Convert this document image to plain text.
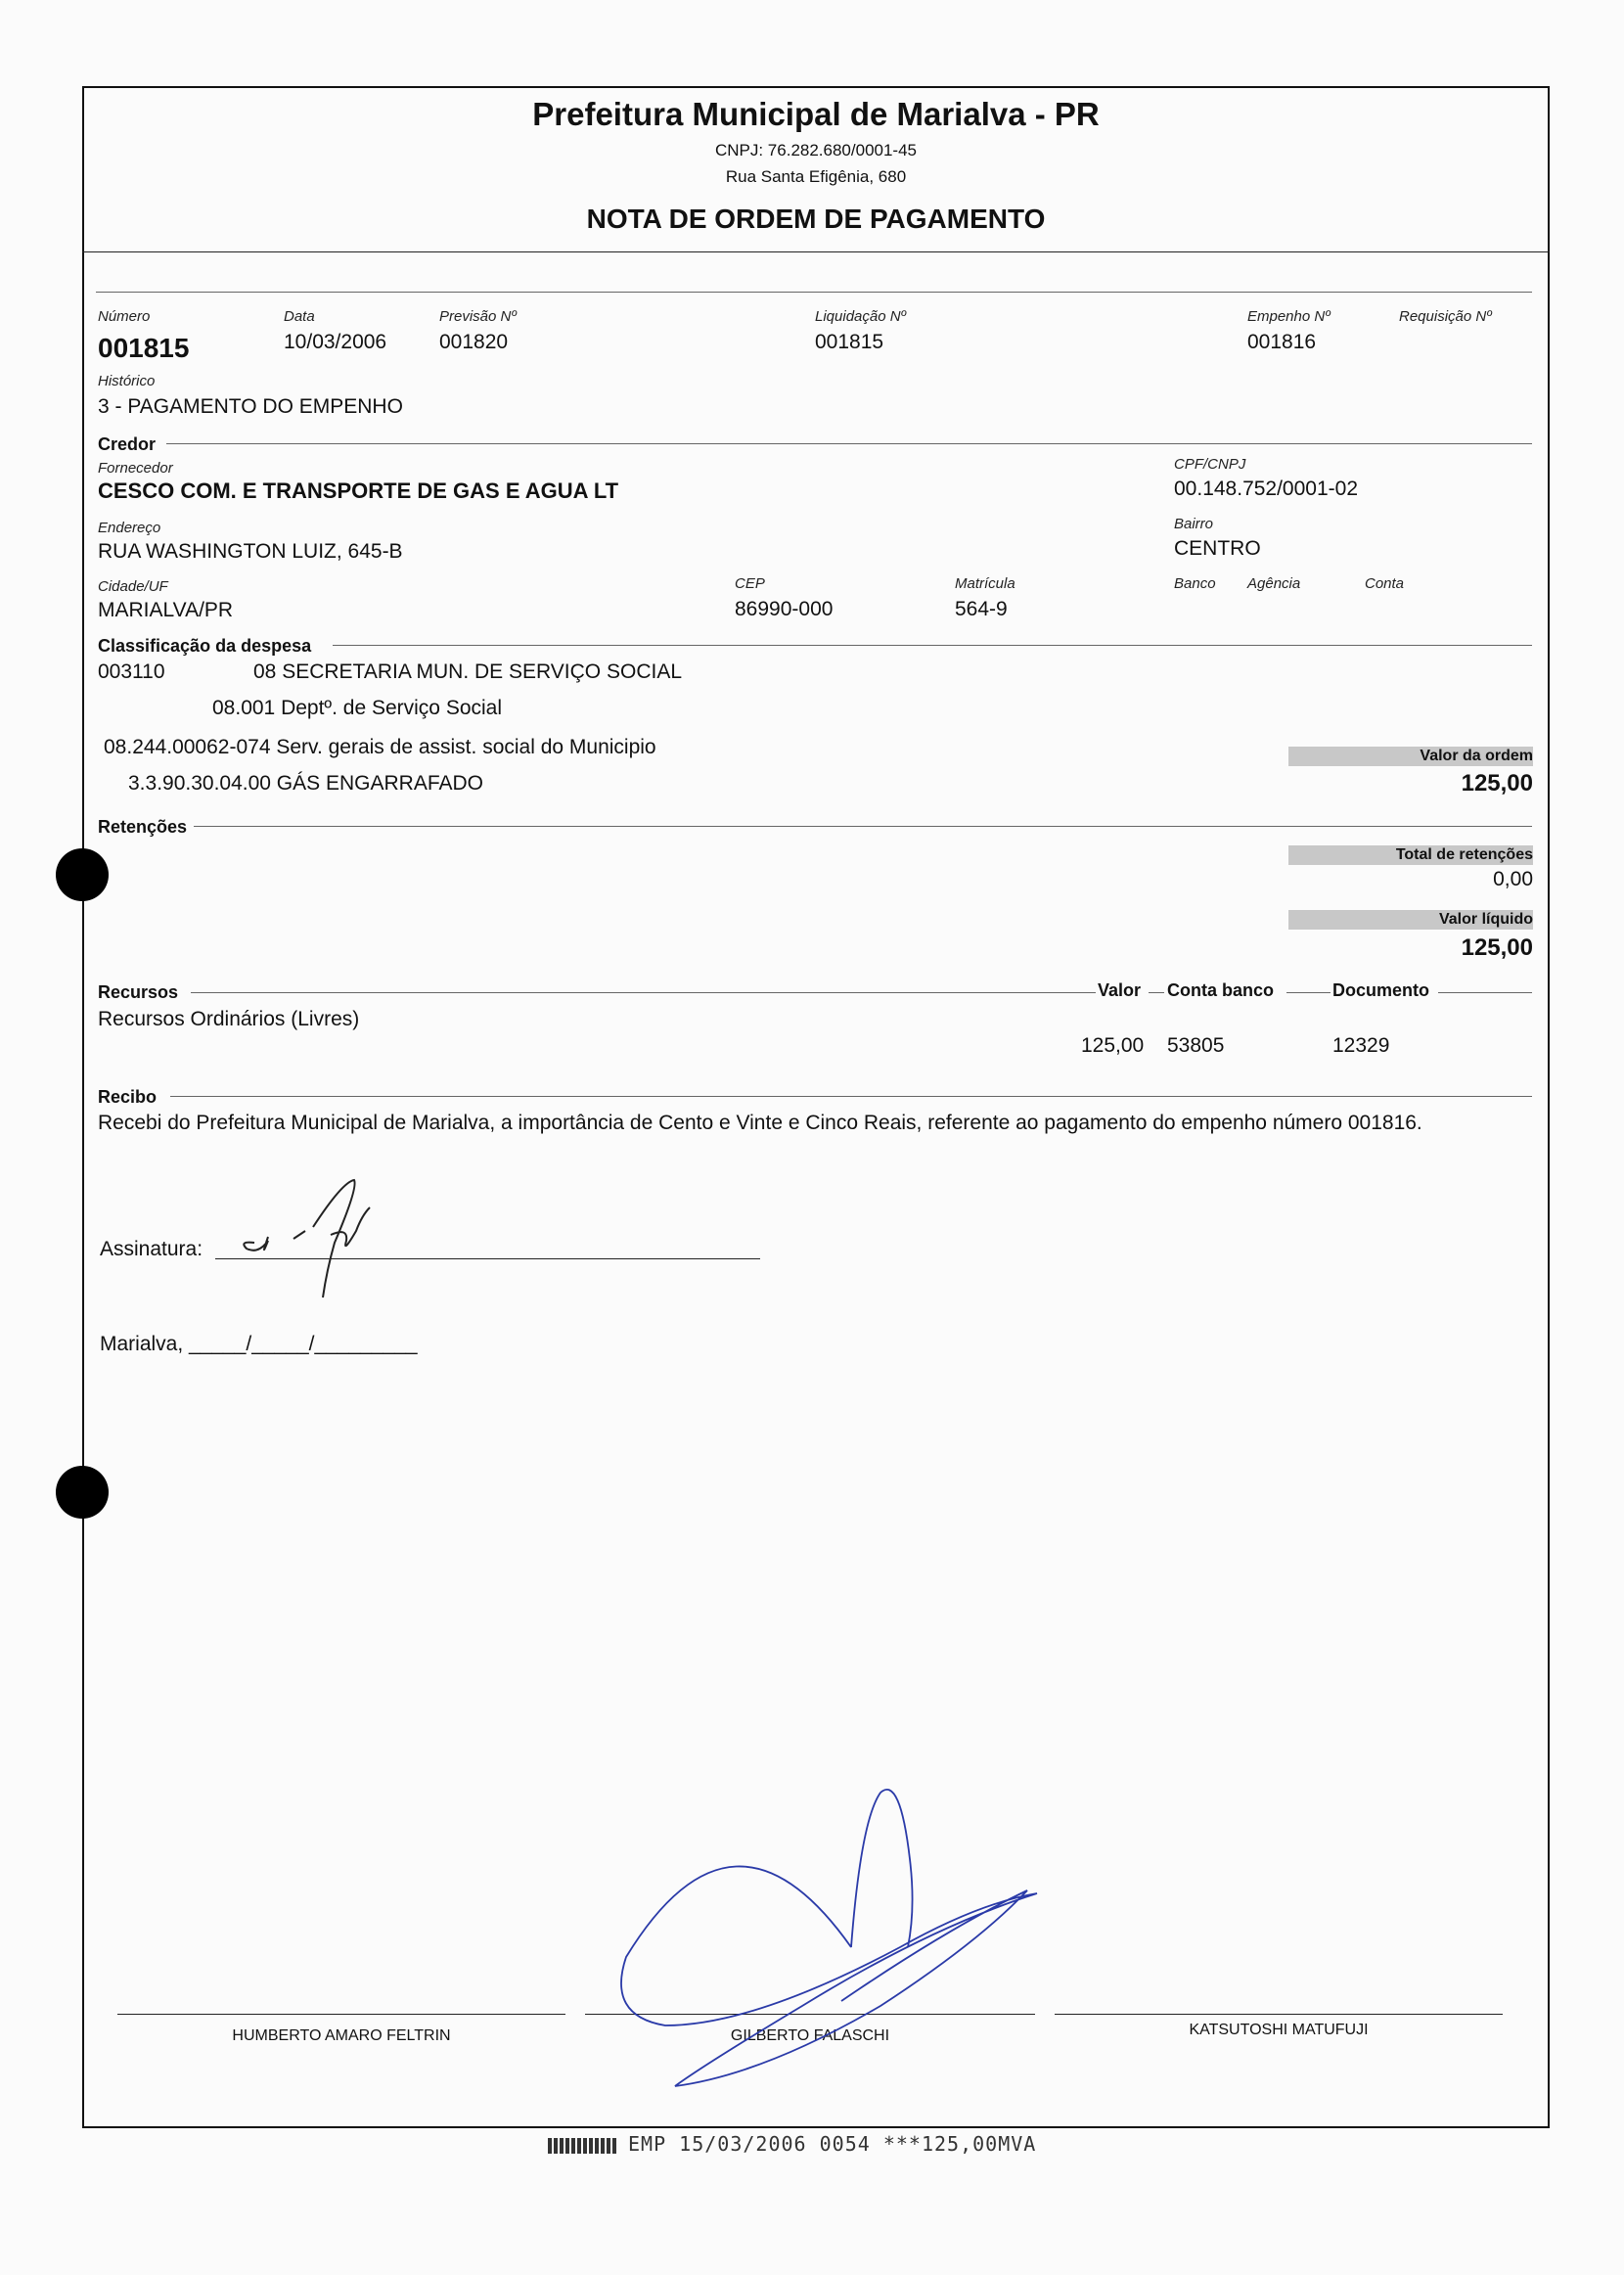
Prefeitura Municipal de Marialva - PR
CNPJ: 76.282.680/0001-45
Rua Santa Efigênia, 680
NOTA DE ORDEM DE PAGAMENTO
Número
001815
Data
10/03/2006
Previsão Nº
001820
Liquidação Nº
001815
Empenho Nº
001816
Requisição Nº
Histórico
3 - PAGAMENTO DO EMPENHO
Credor
Fornecedor
CESCO COM. E TRANSPORTE DE GAS E AGUA LT
CPF/CNPJ
00.148.752/0001-02
Endereço
RUA WASHINGTON LUIZ, 645-B
Bairro
CENTRO
Cidade/UF
MARIALVA/PR
CEP
86990-000
Matrícula
564-9
Banco Agência	Conta
Classificação da despesa
003110	08 SECRETARIA MUN. DE SERVIÇO SOCIAL
08.001 Deptº. de Serviço Social
08.244.00062-074 Serv. gerais de assist. social do Municipio
3.3.90.30.04.00 GÁS ENGARRAFADO
Valor da ordem
125,00
Retenções
Total de retenções
0,00
Valor líquido
125,00
Recursos	Valor Conta banco	Documento
Recursos Ordinários (Livres)
125,00 53805	12329
Recibo
Recebi do Prefeitura Municipal de Marialva, a importância de Cento e Vinte e Cinco Reais, referente ao pagamento do empenho número 001816.
Assinatura:
Marialva, _____/_____/_________
HUMBERTO AMARO FELTRIN	GILBERTO FALASCHI	KATSUTOSHI MATUFUJI
EMP 15/03/2006 0054 ***125,00MVA
